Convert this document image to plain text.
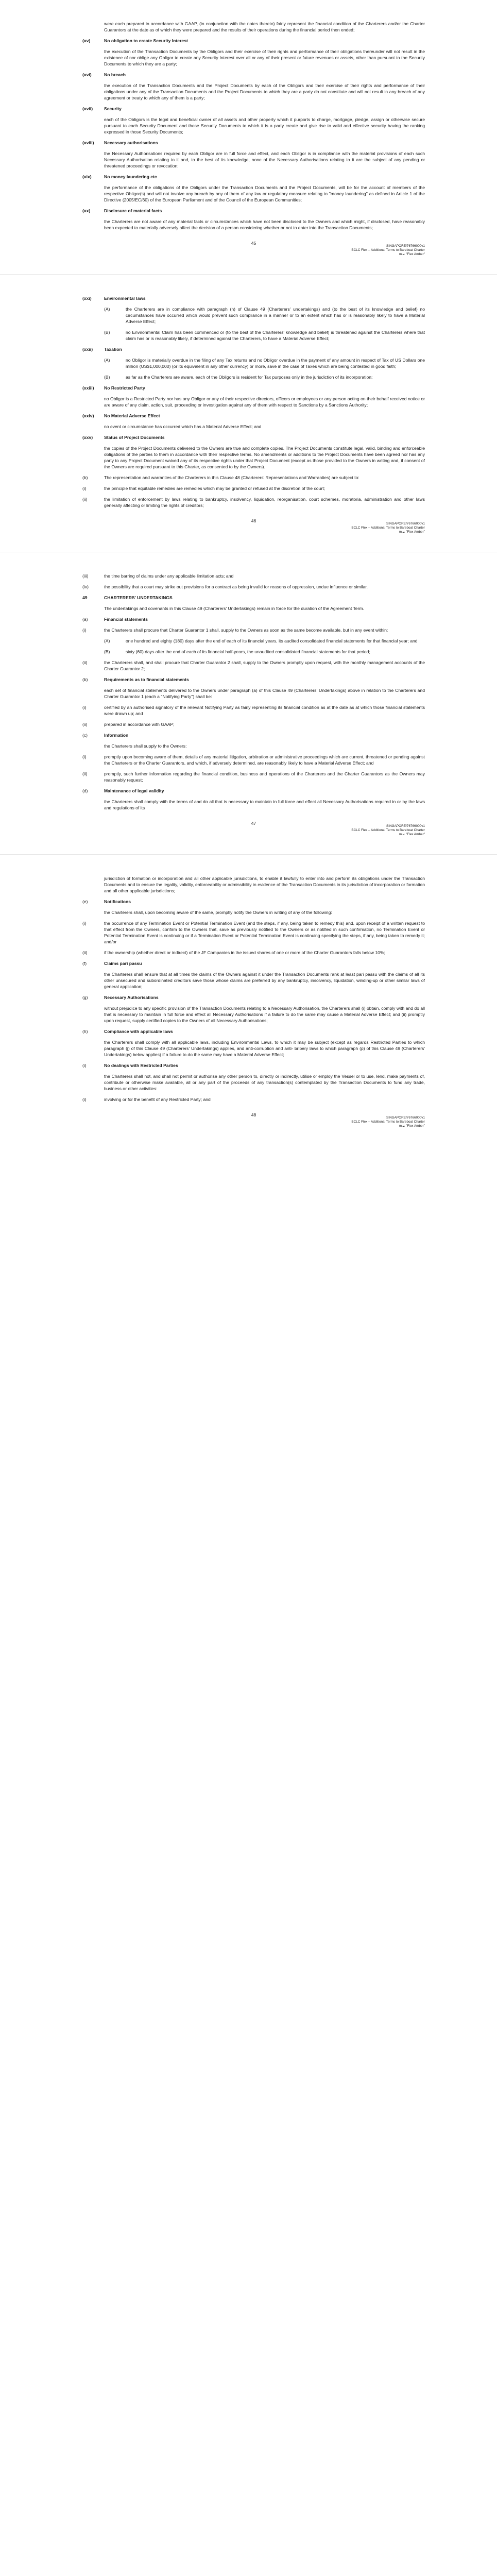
were each prepared in accordance with GAAP, (in conjunction with the notes thereto) fairly represent the financial condition of the Charterers and/or the Charter Guarantors at the date as of which they were prepared and the results of their operations during the financial period then ended;
(xv)	No obligation to create Security Interest
the execution of the Transaction Documents by the Obligors and their exercise of their rights and performance of their obligations thereunder will not result in the existence of nor oblige any Obligor to create any Security Interest over all or any of their present or future revenues or assets, other than pursuant to the Security Documents to which they are a party;
(xvi)	No breach
the execution of the Transaction Documents and the Project Documents by each of the Obligors and their exercise of their rights and performance of their obligations under any of the Transaction Documents and the Project Documents to which they are a party do not constitute and will not result in any breach of any agreement or treaty to which any of them is a party;
(xvii)	Security
each of the Obligors is the legal and beneficial owner of all assets and other property which it purports to charge, mortgage, pledge, assign or otherwise secure pursuant to each Security Document and those Security Documents to which it is a party create and give rise to valid and effective security having the ranking expressed in those Security Documents;
(xviii)	Necessary authorisations
the Necessary Authorisations required by each Obligor are in full force and effect, and each Obligor is in compliance with the material provisions of each such Necessary Authorisation relating to it and, to the best of its knowledge, none of the Necessary Authorisations relating to it are the subject of any pending or threatened proceedings or revocation;
(xix)	No money laundering etc
the performance of the obligations of the Obligors under the Transaction Documents and the Project Documents, will be for the account of members of the respective Obligor(s) and will not involve any breach by any of them of any law or regulatory measure relating to "money laundering" as defined in Article 1 of the Directive (2005/EC/60) of the European Parliament and of the Council of the European Communities;
(xx)	Disclosure of material facts
the Charterers are not aware of any material facts or circumstances which have not been disclosed to the Owners and which might, if disclosed, have reasonably been expected to materially adversely affect the decision of a person considering whether or not to enter into the Transaction Documents;
45
SINGAPORE/76766000v1
BCLC Flex – Additional Terms to Bareboat Charter
m.v. "Flex Amber"
(xxi)	Environmental laws
(A)	the Charterers are in compliance with paragraph (h) of Clause 49 (Charterers' undertakings) and (to the best of its knowledge and belief) no circumstances have occurred which would prevent such compliance in a manner or to an extent which has or is reasonably likely to have a Material Adverse Effect;
(B)	no Environmental Claim has been commenced or (to the best of the Charterers' knowledge and belief) is threatened against the Charterers where that claim has or is reasonably likely, if determined against the Charterers, to have a Material Adverse Effect;
(xxii)	Taxation
(A)	no Obligor is materially overdue in the filing of any Tax returns and no Obligor overdue in the payment of any amount in respect of Tax of US Dollars one million (US$1,000,000) (or its equivalent in any other currency) or more, save in the case of Taxes which are being contested in good faith;
(B)	as far as the Charterers are aware, each of the Obligors is resident for Tax purposes only in the jurisdiction of its incorporation;
(xxiii)	No Restricted Party
no Obligor is a Restricted Party nor has any Obligor or any of their respective directors, officers or employees or any person acting on their behalf received notice or are aware of any claim, action, suit, proceeding or investigation against any of them with respect to Sanctions by a Sanctions Authority;
(xxiv)	No Material Adverse Effect
no event or circumstance has occurred which has a Material Adverse Effect; and
(xxv)	Status of Project Documents
the copies of the Project Documents delivered to the Owners are true and complete copies. The Project Documents constitute legal, valid, binding and enforceable obligations of the parties to them in accordance with their respective terms. No amendments or additions to the Project Documents have been agreed nor has any party to any Project Document waived any of its respective rights under that Project Document (except as those provided to the Owners in writing and, if consent of the Owners are required pursuant to this Charter, as consented to by the Owners).
(b)	The representation and warranties of the Charterers in this Clause 48 (Charterers' Representations and Warranties) are subject to:
(i)	the principle that equitable remedies are remedies which may be granted or refused at the discretion of the court;
(ii)	the limitation of enforcement by laws relating to bankruptcy, insolvency, liquidation, reorganisation, court schemes, moratoria, administration and other laws generally affecting or limiting the rights of creditors;
46
SINGAPORE/76766000v1
BCLC Flex – Additional Terms to Bareboat Charter
m.v. "Flex Amber"
(iii)	the time barring of claims under any applicable limitation acts; and
(iv)	the possibility that a court may strike out provisions for a contract as being invalid for reasons of oppression, undue influence or similar.
49	CHARTERERS' UNDERTAKINGS
The undertakings and covenants in this Clause 49 (Charterers' Undertakings) remain in force for the duration of the Agreement Term.
(a)	Financial statements
(i)	the Charterers shall procure that Charter Guarantor 1 shall, supply to the Owners as soon as the same become available, but in any event within:
(A)	one hundred and eighty (180) days after the end of each of its financial years, its audited consolidated financial statements for that financial year; and
(B)	sixty (60) days after the end of each of its financial half-years, the unaudited consolidated financial statements for that period;
(ii)	the Charterers shall, and shall procure that Charter Guarantor 2 shall, supply to the Owners promptly upon request, with the monthly management accounts of the Charter Guarantor 2;
(b)	Requirements as to financial statements
each set of financial statements delivered to the Owners under paragraph (a) of this Clause 49 (Charterers' Undertakings) above in relation to the Charterers and Charter Guarantor 1 (each a "Notifying Party") shall be:
(i)	certified by an authorised signatory of the relevant Notifying Party as fairly representing its financial condition as at the date as at which those financial statements were drawn up; and
(ii)	prepared in accordance with GAAP;
(c)	Information
the Charterers shall supply to the Owners:
(i)	promptly upon becoming aware of them, details of any material litigation, arbitration or administrative proceedings which are current, threatened or pending against the Charterers or the Charter Guarantors, and which, if adversely determined, are reasonably likely to have a Material Adverse Effect; and
(ii)	promptly, such further information regarding the financial condition, business and operations of the Charterers and the Charter Guarantors as the Owners may reasonably request;
(d)	Maintenance of legal validity
the Charterers shall comply with the terms of and do all that is necessary to maintain in full force and effect all Necessary Authorisations required in or by the laws and regulations of its
47
SINGAPORE/76766000v1
BCLC Flex – Additional Terms to Bareboat Charter
m.v. "Flex Amber"
jurisdiction of formation or incorporation and all other applicable jurisdictions, to enable it lawfully to enter into and perform its obligations under the Transaction Documents and to ensure the legality, validity, enforceability or admissibility in evidence of the Transaction Documents in its jurisdiction of incorporation or formation and all other applicable jurisdictions;
(e)	Notifications
the Charterers shall, upon becoming aware of the same, promptly notify the Owners in writing of any of the following:
(i)	the occurrence of any Termination Event or Potential Termination Event (and the steps, if any, being taken to remedy this) and, upon receipt of a written request to that effect from the Owners, confirm to the Owners that, save as previously notified to the Owners or as notified in such confirmation, no Termination Event or Potential Termination Event is continuing or if a Termination Event or Potential Termination Event is continuing specifying the steps, if any, being taken to remedy it; and/or
(ii)	if the ownership (whether direct or indirect) of the JF Companies in the issued shares of one or more of the Charter Guarantors falls below 10%;
(f)	Claims pari passu
the Charterers shall ensure that at all times the claims of the Owners against it under the Transaction Documents rank at least pari passu with the claims of all its other unsecured and subordinated creditors save those whose claims are preferred by any bankruptcy, insolvency, liquidation, winding-up or other similar laws of general application;
(g)	Necessary Authorisations
without prejudice to any specific provision of the Transaction Documents relating to a Necessary Authorisation, the Charterers shall (i) obtain, comply with and do all that is necessary to maintain in full force and effect all Necessary Authorisations if a failure to do the same may cause a Material Adverse Effect; and (ii) promptly upon request, supply certified copies to the Owners of all Necessary Authorisations;
(h)	Compliance with applicable laws
the Charterers shall comply with all applicable laws, including Environmental Laws, to which it may be subject (except as regards Restricted Parties to which paragraph (j) of this Clause 49 (Charterers' Undertakings) applies, and anti-corruption and anti- bribery laws to which paragraph (p) of this Clause 49 (Charterers' Undertakings) below applies) if a failure to do the same may have a Material Adverse Effect;
(i)	No dealings with Restricted Parties
the Charterers shall not, and shall not permit or authorise any other person to, directly or indirectly, utilise or employ the Vessel or to use, lend, make payments of, contribute or otherwise make available, all or any part of the proceeds of any transaction(s) contemplated by the Transaction Documents to fund any trade, business or other activities:
(i)	involving or for the benefit of any Restricted Party; and
48
SINGAPORE/76766000v1
BCLC Flex – Additional Terms to Bareboat Charter
m.v. "Flex Amber"
